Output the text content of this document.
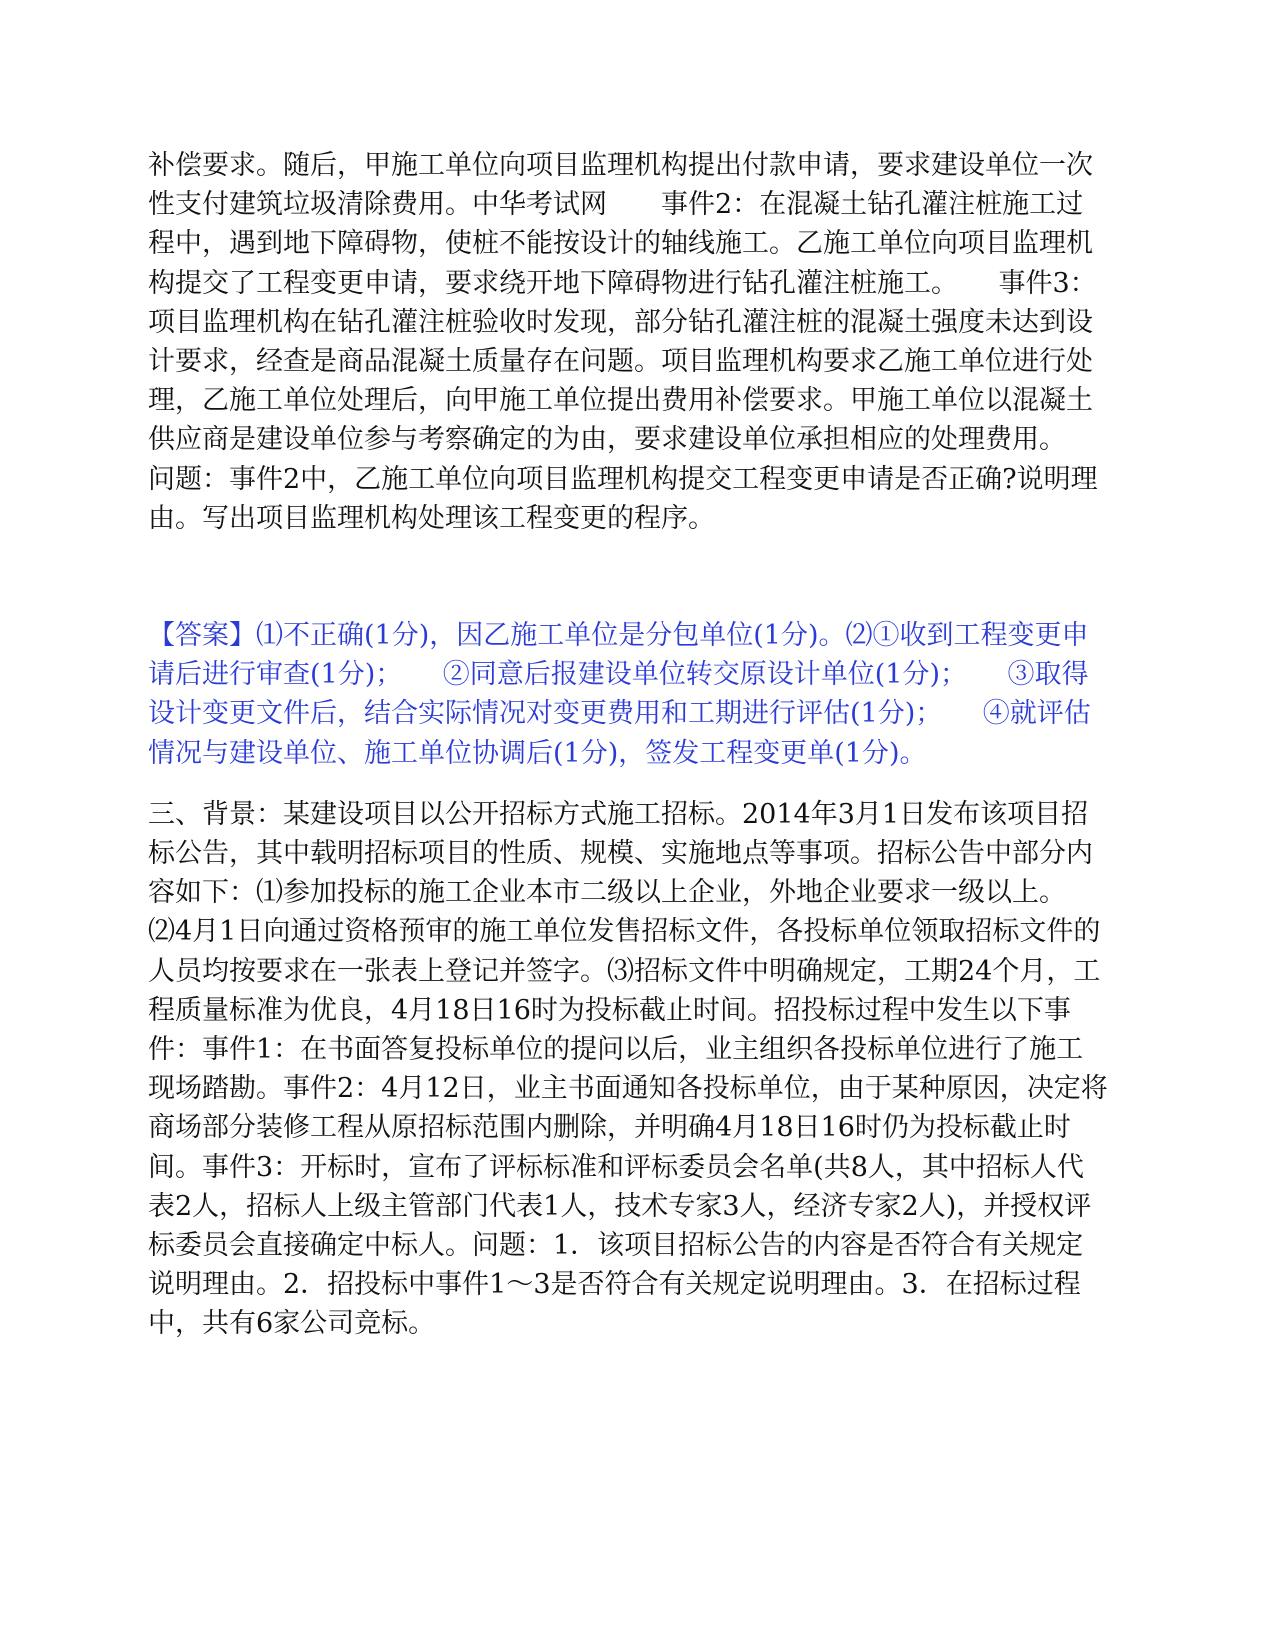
补偿要求。随后，甲施工单位向项目监理机构提出付款申请，要求建设单位一次性支付建筑垃圾清除费用。中华考试网　　事件2：在混凝土钻孔灌注桩施工过程中，遇到地下障碍物，使桩不能按设计的轴线施工。乙施工单位向项目监理机构提交了工程变更申请，要求绕开地下障碍物进行钻孔灌注桩施工。　　事件3：项目监理机构在钻孔灌注桩验收时发现，部分钻孔灌注桩的混凝土强度未达到设计要求，经查是商品混凝土质量存在问题。项目监理机构要求乙施工单位进行处理，乙施工单位处理后，向甲施工单位提出费用补偿要求。甲施工单位以混凝土供应商是建设单位参与考察确定的为由，要求建设单位承担相应的处理费用。　　问题：事件2中，乙施工单位向项目监理机构提交工程变更申请是否正确?说明理由。写出项目监理机构处理该工程变更的程序。

【答案】⑴不正确(1分)，因乙施工单位是分包单位(1分)。⑵①收到工程变更申请后进行审查(1分)；　　②同意后报建设单位转交原设计单位(1分)；　　③取得设计变更文件后，结合实际情况对变更费用和工期进行评估(1分)；　　④就评估情况与建设单位、施工单位协调后(1分)，签发工程变更单(1分)。

三、背景：某建设项目以公开招标方式施工招标。2014年3月1日发布该项目招标公告，其中载明招标项目的性质、规模、实施地点等事项。招标公告中部分内容如下：⑴参加投标的施工企业本市二级以上企业，外地企业要求一级以上。⑵4月1日向通过资格预审的施工单位发售招标文件，各投标单位领取招标文件的人员均按要求在一张表上登记并签字。⑶招标文件中明确规定，工期24个月，工程质量标准为优良，4月18日16时为投标截止时间。招投标过程中发生以下事件：事件1：在书面答复投标单位的提问以后，业主组织各投标单位进行了施工现场踏勘。事件2：4月12日，业主书面通知各投标单位，由于某种原因，决定将商场部分装修工程从原招标范围内删除，并明确4月18日16时仍为投标截止时间。事件3：开标时，宣布了评标标准和评标委员会名单(共8人，其中招标人代表2人，招标人上级主管部门代表1人，技术专家3人，经济专家2人)，并授权评标委员会直接确定中标人。问题：1．该项目招标公告的内容是否符合有关规定说明理由。2．招投标中事件1～3是否符合有关规定说明理由。3．在招标过程中，共有6家公司竞标。
